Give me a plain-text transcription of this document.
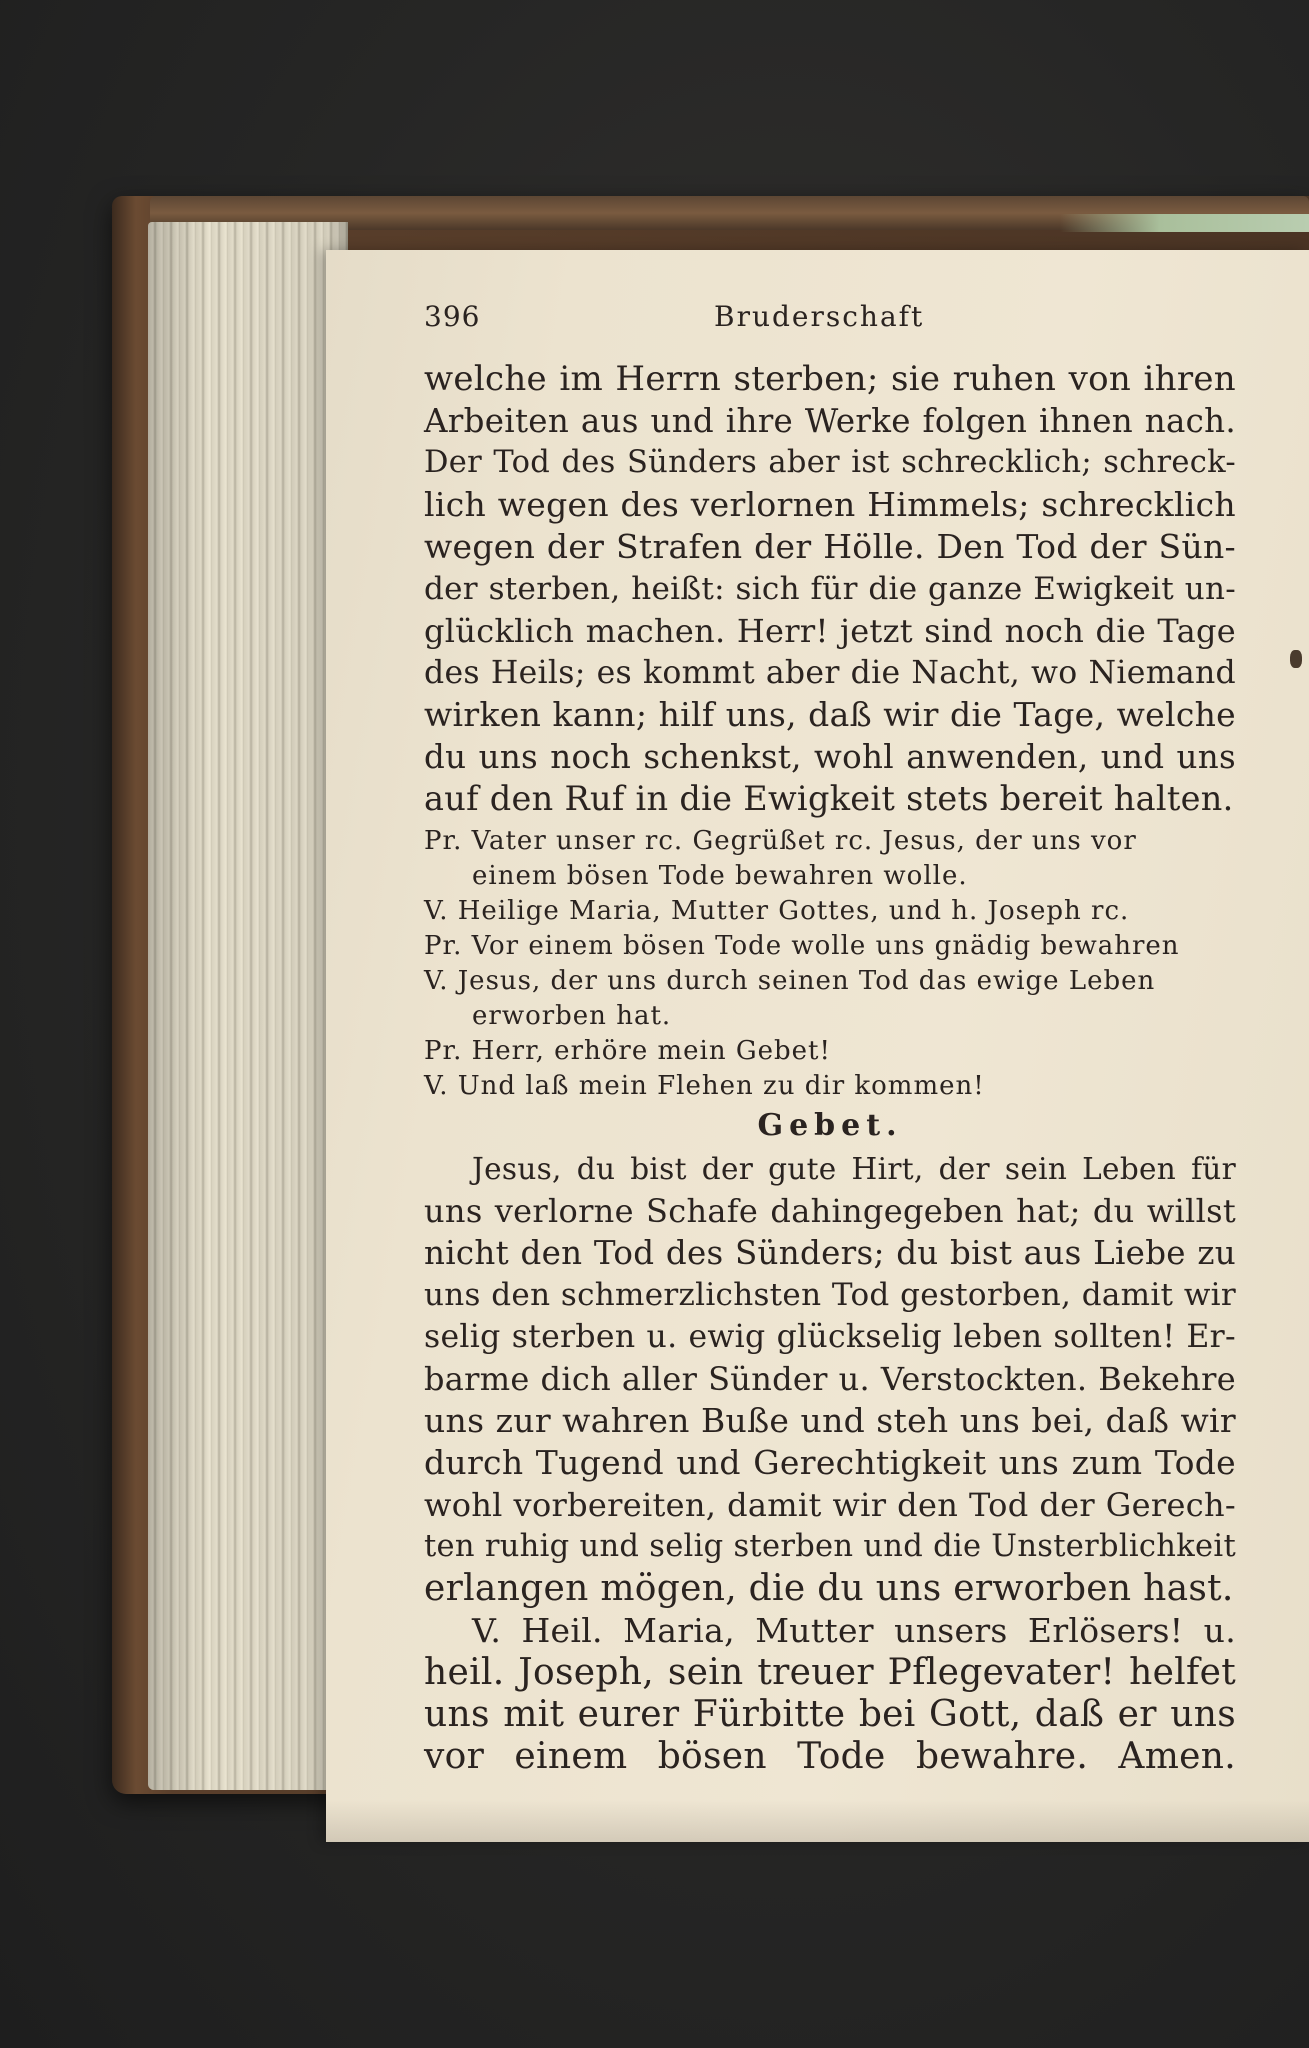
396	Bruderschaft
welche im Herrn sterben; sie ruhen von ihren
Arbeiten aus und ihre Werke folgen ihnen nach.
Der Tod des Sünders aber ist schrecklich; schreck-
lich wegen des verlornen Himmels; schrecklich
wegen der Strafen der Hölle. Den Tod der Sün-
der sterben, heißt: sich für die ganze Ewigkeit un-
glücklich machen. Herr! jetzt sind noch die Tage
des Heils; es kommt aber die Nacht, wo Niemand
wirken kann; hilf uns, daß wir die Tage, welche
du uns noch schenkst, wohl anwenden, und uns
auf den Ruf in die Ewigkeit stets bereit halten.
Pr. Vater unser rc. Gegrüßet rc. Jesus, der uns vor
einem bösen Tode bewahren wolle.
V. Heilige Maria, Mutter Gottes, und h. Joseph rc.
Pr. Vor einem bösen Tode wolle uns gnädig bewahren
V. Jesus, der uns durch seinen Tod das ewige Leben
erworben hat.
Pr. Herr, erhöre mein Gebet!
V. Und laß mein Flehen zu dir kommen!
Gebet.
Jesus, du bist der gute Hirt, der sein Leben für
uns verlorne Schafe dahingegeben hat; du willst
nicht den Tod des Sünders; du bist aus Liebe zu
uns den schmerzlichsten Tod gestorben, damit wir
selig sterben u. ewig glückselig leben sollten! Er-
barme dich aller Sünder u. Verstockten. Bekehre
uns zur wahren Buße und steh uns bei, daß wir
durch Tugend und Gerechtigkeit uns zum Tode
wohl vorbereiten, damit wir den Tod der Gerech-
ten ruhig und selig sterben und die Unsterblichkeit
erlangen mögen, die du uns erworben hast.
V. Heil. Maria, Mutter unsers Erlösers! u.
heil. Joseph, sein treuer Pflegevater! helfet
uns mit eurer Fürbitte bei Gott, daß er uns
vor einem bösen Tode bewahre. Amen.
